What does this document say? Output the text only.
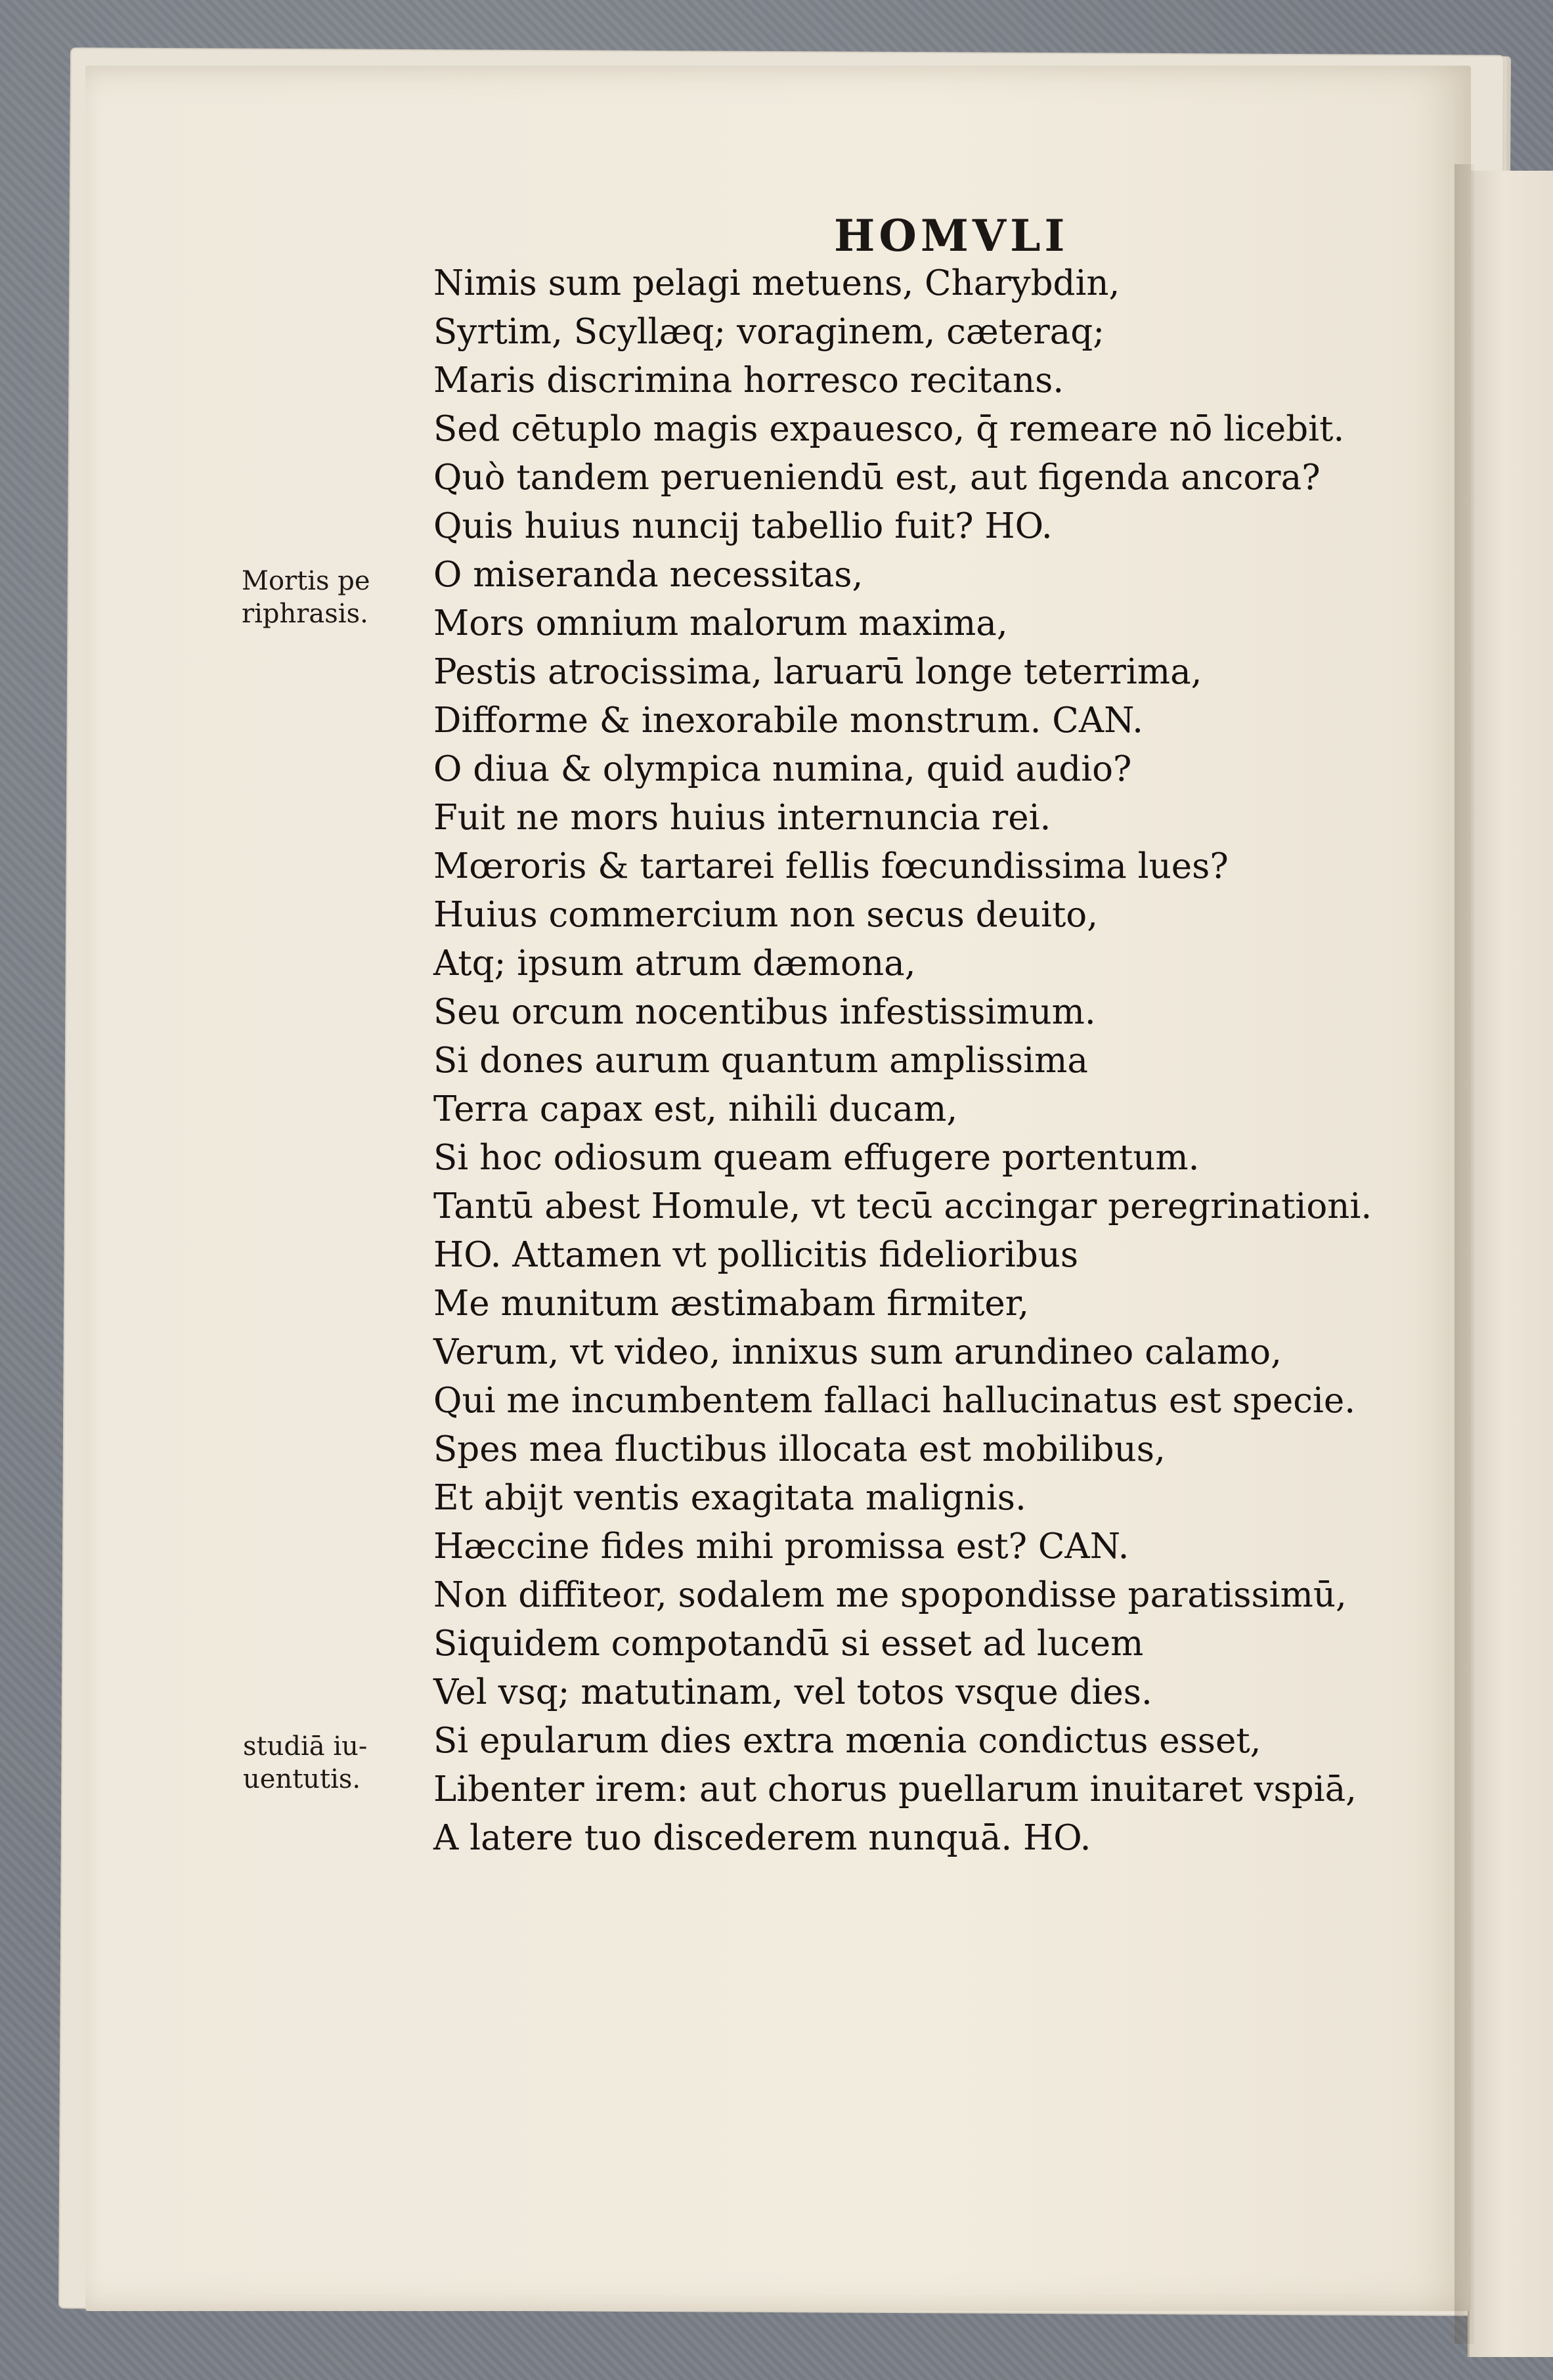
HOMVLI

Mortis pe
riphrasis.

studiā iu-
uentutis.

Nimis sum pelagi metuens, Charybdin,
Syrtim, Scyllæq; voraginem, cæteraq;
Maris discrimina horresco recitans.
Sed cētuplo magis expauesco, q̄ remeare nō licebit.
Quò tandem perueniendū est, aut figenda ancora?
Quis huius nuncij tabellio fuit? HO.
O miseranda necessitas,
Mors omnium malorum maxima,
Pestis atrocissima, laruarū longe teterrima,
Difforme & inexorabile monstrum. CAN.
O diua & olympica numina, quid audio?
Fuit ne mors huius internuncia rei.
Mœroris & tartarei fellis fœcundissima lues?
Huius commercium non secus deuito,
Atq; ipsum atrum dæmona,
Seu orcum nocentibus infestissimum.
Si dones aurum quantum amplissima
Terra capax est, nihili ducam,
Si hoc odiosum queam effugere portentum.
Tantū abest Homule, vt tecū accingar peregrinationi.
HO. Attamen vt pollicitis fidelioribus
Me munitum æstimabam firmiter,
Verum, vt video, innixus sum arundineo calamo,
Qui me incumbentem fallaci hallucinatus est specie.
Spes mea fluctibus illocata est mobilibus,
Et abijt ventis exagitata malignis.
Hæccine fides mihi promissa est? CAN.
Non diffiteor, sodalem me spopondisse paratissimū,
Siquidem compotandū si esset ad lucem
Vel vsq; matutinam, vel totos vsque dies.
Si epularum dies extra mœnia condictus esset,
Libenter irem: aut chorus puellarum inuitaret vspiā,
A latere tuo discederem nunquā. HO.
